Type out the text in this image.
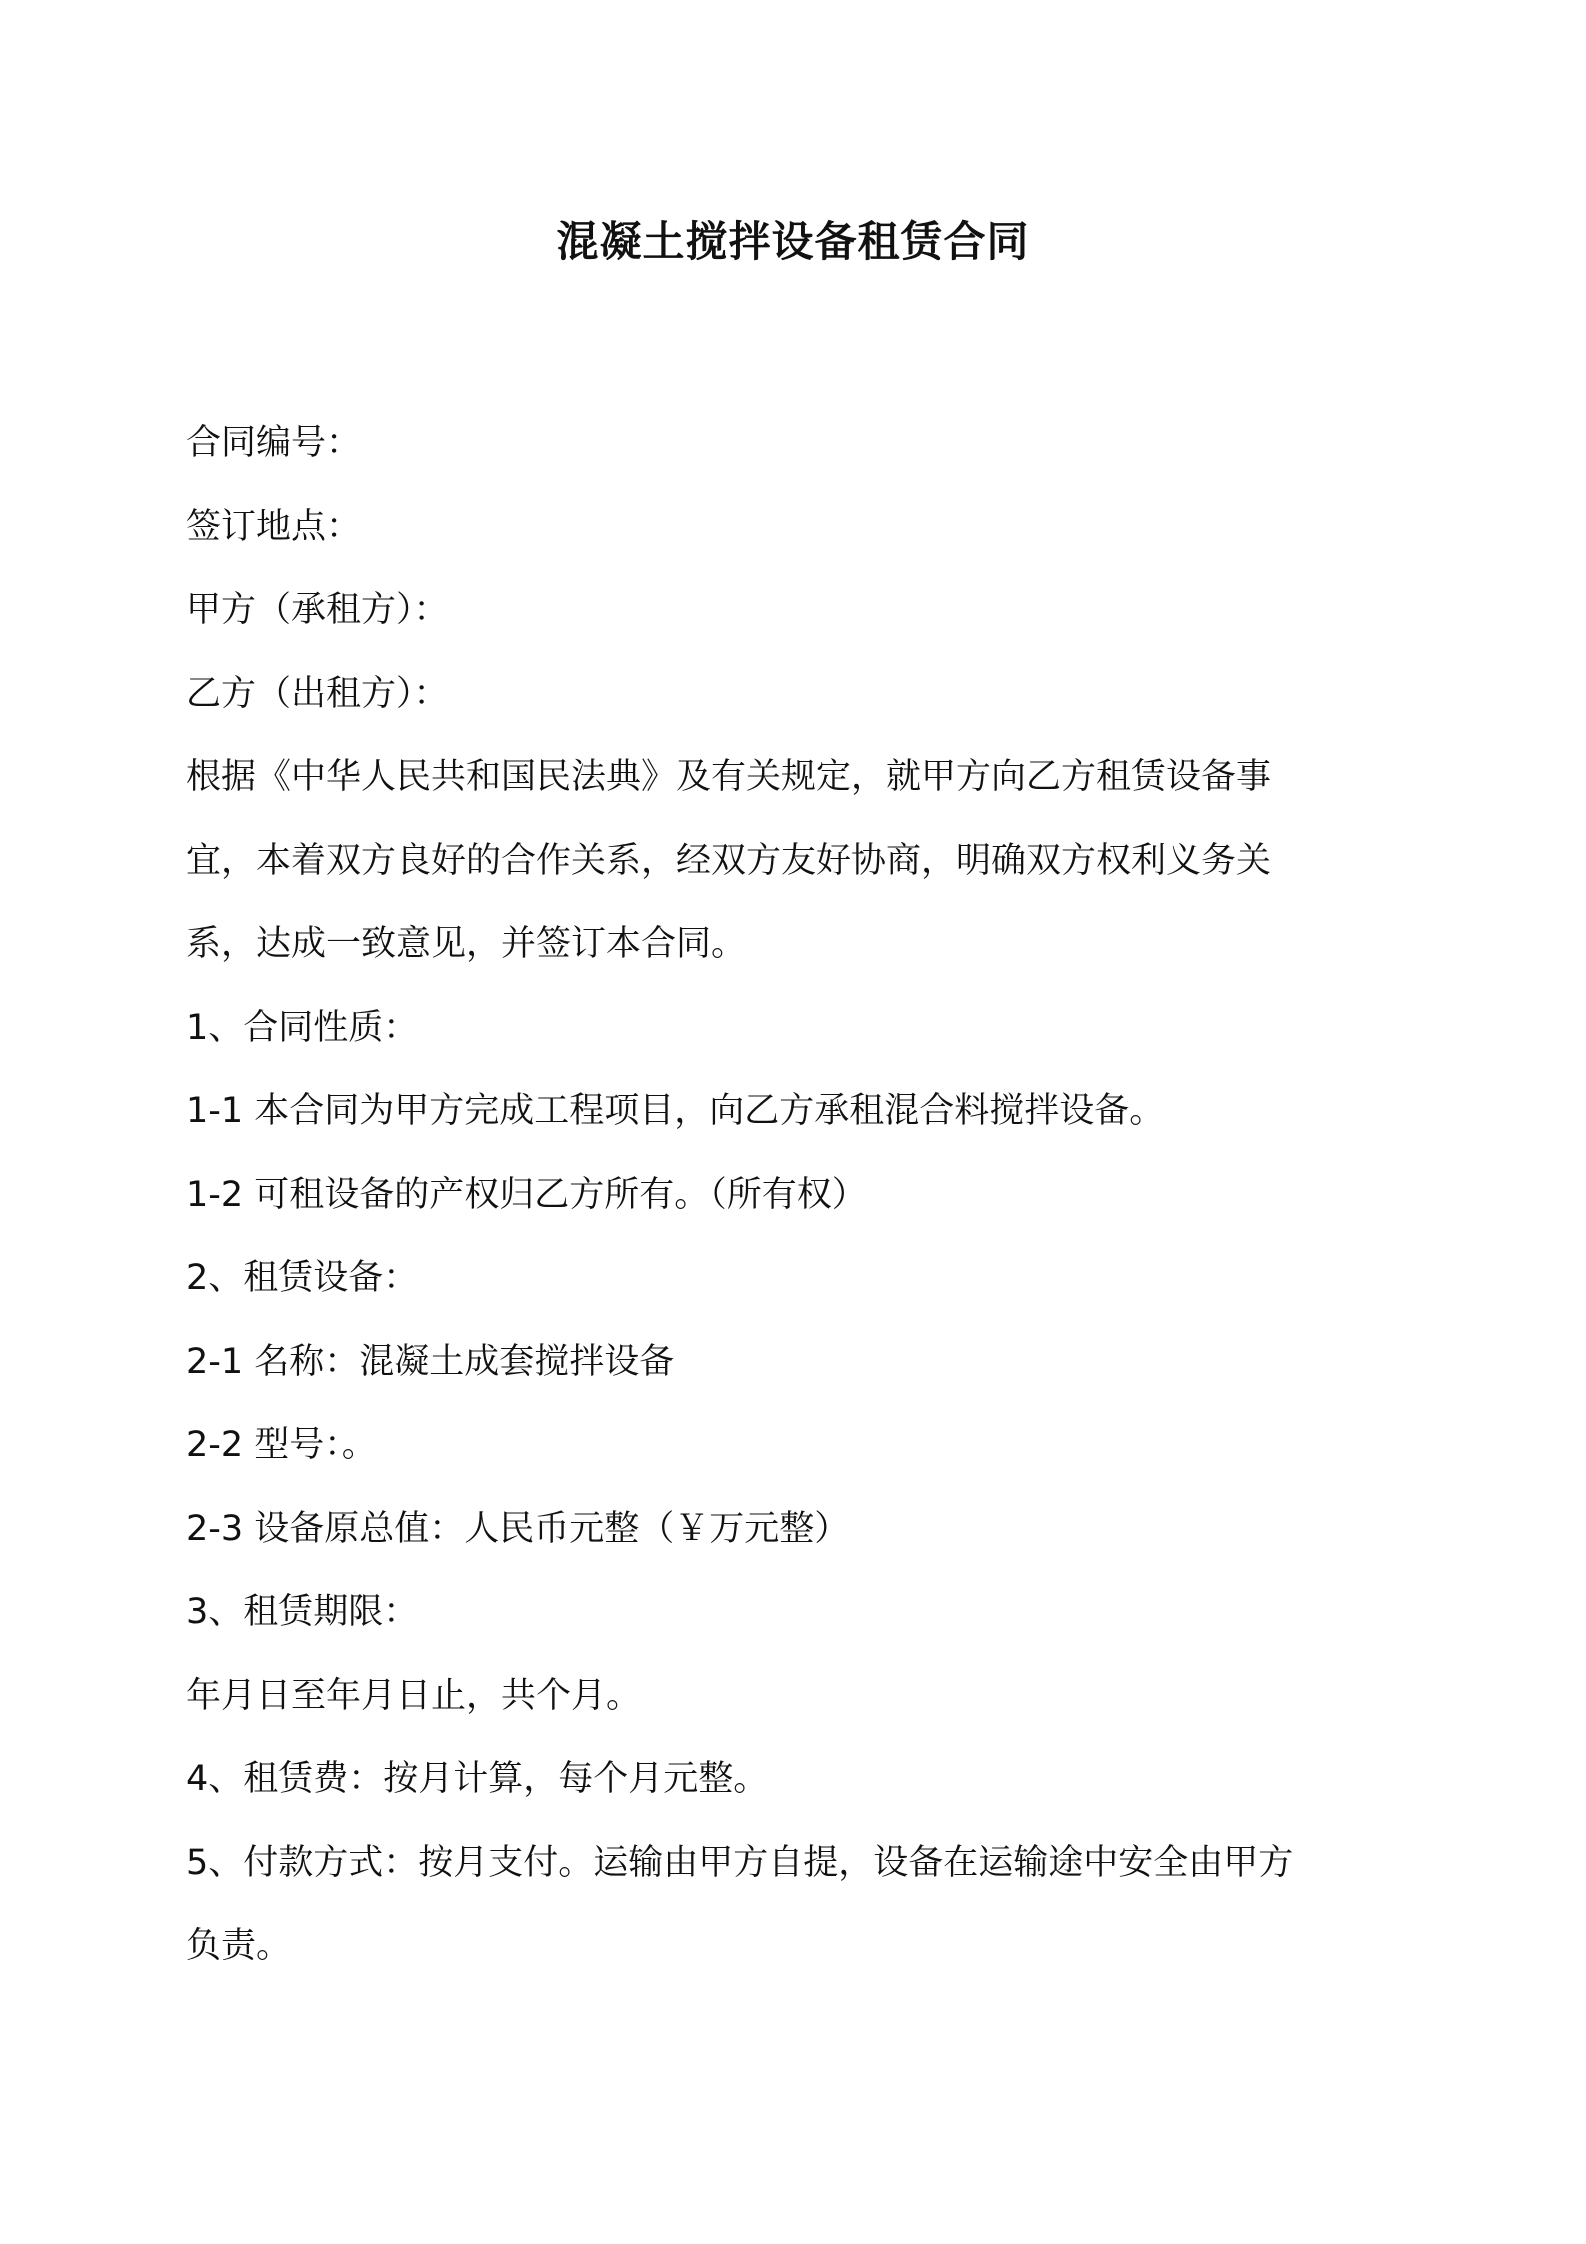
混凝土搅拌设备租赁合同
合同编号：
签订地点：
甲方（承租方）：
乙方（出租方）：
根据《中华人民共和国民法典》及有关规定，就甲方向乙方租赁设备事
宜，本着双方良好的合作关系，经双方友好协商，明确双方权利义务关
系，达成一致意见，并签订本合同。
1、合同性质：
1-1 本合同为甲方完成工程项目，向乙方承租混合料搅拌设备。
1-2 可租设备的产权归乙方所有。（所有权）
2、租赁设备：
2-1 名称：混凝土成套搅拌设备
2-2 型号：。
2-3 设备原总值：人民币元整（￥万元整）
3、租赁期限：
年月日至年月日止，共个月。
4、租赁费：按月计算，每个月元整。
5、付款方式：按月支付。运输由甲方自提，设备在运输途中安全由甲方
负责。
